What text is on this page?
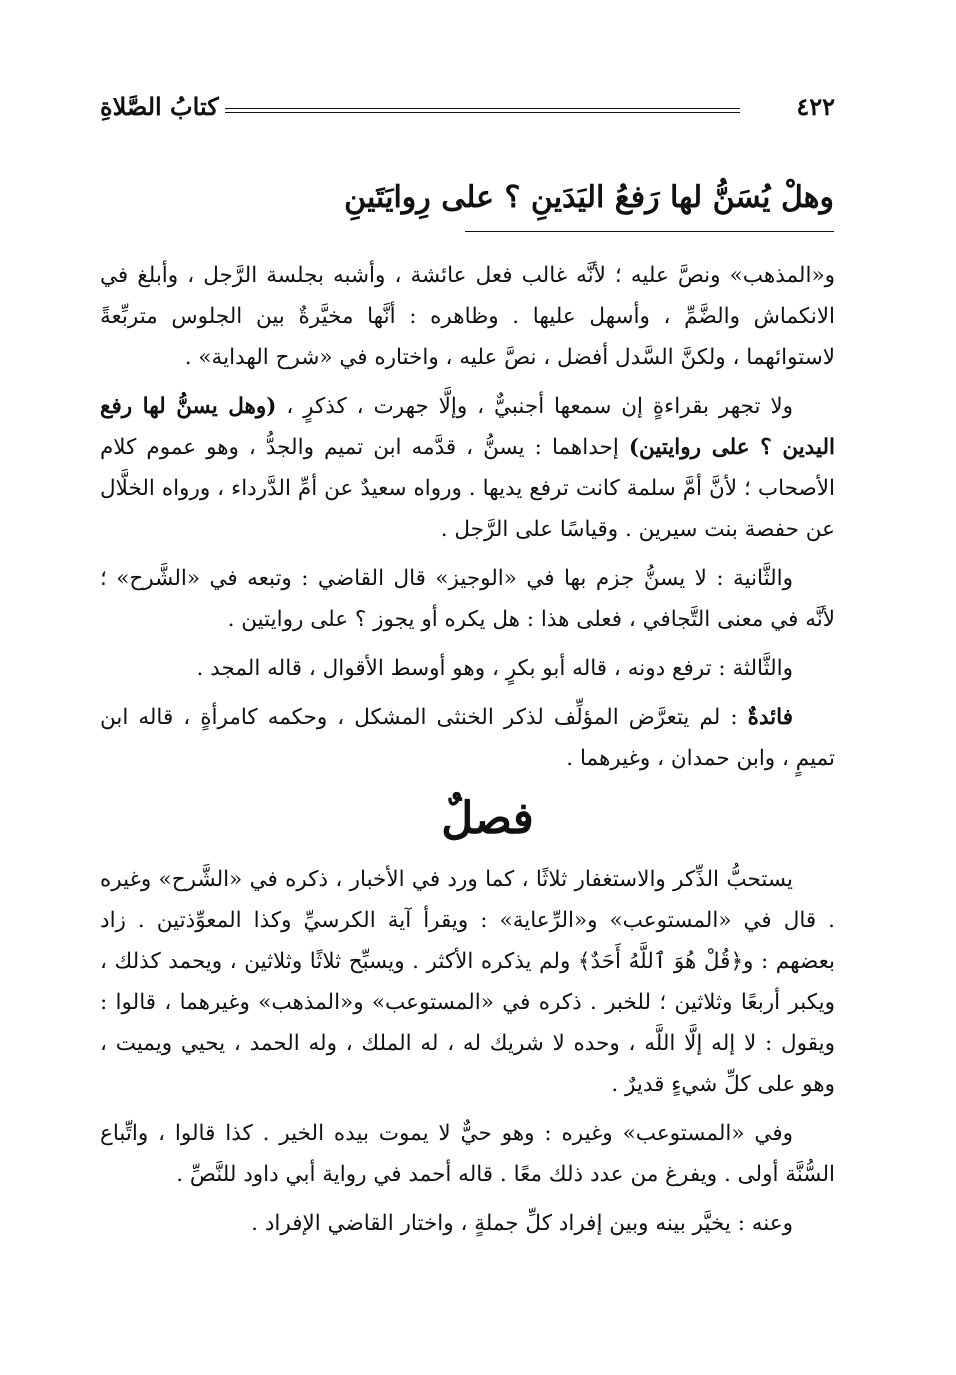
٤٢٢
كتابُ الصَّلاةِ
وهلْ يُسَنُّ لها رَفعُ اليَدَينِ ؟ على رِوايَتَينِ

و«المذهب» ونصَّ عليه ؛ لأنَّه غالب فعل عائشة ، وأشبه بجلسة الرَّجل ، وأبلغ في الانكماش والضَّمِّ ، وأسهل عليها . وظاهره : أنَّها مخيَّرةٌ بين الجلوس متربِّعةً لاستوائهما ، ولكنَّ السَّدل أفضل ، نصَّ عليه ، واختاره في «شرح الهداية» .

ولا تجهر بقراءةٍ إن سمعها أجنبيٌّ ، وإلَّا جهرت ، كذكرٍ ، (وهل يسنُّ لها رفع اليدين ؟ على روايتين) إحداهما : يسنُّ ، قدَّمه ابن تميم والجدُّ ، وهو عموم كلام الأصحاب ؛ لأنَّ أمَّ سلمة كانت ترفع يديها . ورواه سعيدٌ عن أمِّ الدَّرداء ، ورواه الخلَّال عن حفصة بنت سيرين . وقياسًا على الرَّجل .

والثَّانية : لا يسنُّ جزم بها في «الوجيز» قال القاضي : وتبعه في «الشَّرح» ؛ لأنَّه في معنى التَّجافي ، فعلى هذا : هل يكره أو يجوز ؟ على روايتين .

والثَّالثة : ترفع دونه ، قاله أبو بكرٍ ، وهو أوسط الأقوال ، قاله المجد .

فائدةٌ : لم يتعرَّض المؤلِّف لذكر الخنثى المشكل ، وحكمه كامرأةٍ ، قاله ابن تميمٍ ، وابن حمدان ، وغيرهما .

فصلٌ

يستحبُّ الذِّكر والاستغفار ثلاثًا ، كما ورد في الأخبار ، ذكره في «الشَّرح» وغيره . قال في «المستوعب» و«الرِّعاية» : ويقرأ آية الكرسيِّ وكذا المعوِّذتين . زاد بعضهم : و﴿قُلْ هُوَ ٱللَّهُ أَحَدٌ﴾ ولم يذكره الأكثر . ويسبِّح ثلاثًا وثلاثين ، ويحمد كذلك ، ويكبر أربعًا وثلاثين ؛ للخبر . ذكره في «المستوعب» و«المذهب» وغيرهما ، قالوا : ويقول : لا إله إلَّا اللَّه ، وحده لا شريك له ، له الملك ، وله الحمد ، يحيي ويميت ، وهو على كلِّ شيءٍ قديرٌ .

وفي «المستوعب» وغيره : وهو حيٌّ لا يموت بيده الخير . كذا قالوا ، واتِّباع السُّنَّة أولى . ويفرغ من عدد ذلك معًا . قاله أحمد في رواية أبي داود للنَّصِّ .

وعنه : يخيَّر بينه وبين إفراد كلِّ جملةٍ ، واختار القاضي الإفراد .
